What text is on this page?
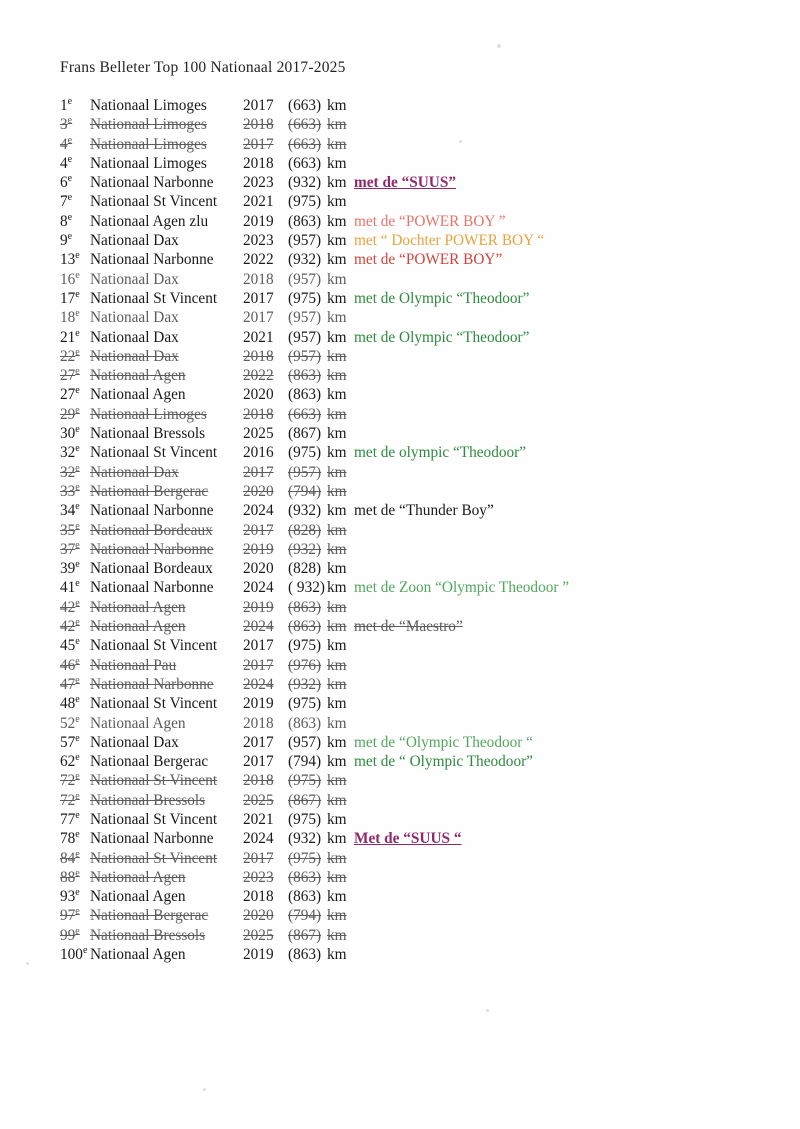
Frans Belleter Top 100 Nationaal 2017-2025
1e	Nationaal Limoges 2017 (663) km
3e	Nationaal Limoges 2018 (663) km
4e	Nationaal Limoges 2017 (663) km
4e	Nationaal Limoges 2018 (663) km
6e	Nationaal Narbonne 2023 (932) km met de “SUUS”
7e	Nationaal St Vincent 2021 (975) km
8e	Nationaal Agen zlu 2019 (863) km met de “POWER BOY ”
9e	Nationaal Dax	2023 (957) km met “ Dochter POWER BOY “
13e Nationaal Narbonne 2022 (932) km met de “POWER BOY”
16e Nationaal Dax	2018 (957) km
17e Nationaal St Vincent 2017 (975) km met de Olympic “Theodoor”
18e Nationaal Dax	2017 (957) km
21e Nationaal Dax	2021 (957) km met de Olympic “Theodoor”
22e Nationaal Dax	2018 (957) km
27e Nationaal Agen	2022 (863) km
27e Nationaal Agen	2020 (863) km
29e Nationaal Limoges 2018 (663) km
30e Nationaal Bressols 2025 (867) km
32e Nationaal St Vincent 2016 (975) km met de olympic “Theodoor”
32e Nationaal Dax	2017 (957) km
33e Nationaal Bergerac 2020 (794) km
34e Nationaal Narbonne 2024 (932) km met de “Thunder Boy”
35e Nationaal Bordeaux 2017 (828) km
37e Nationaal Narbonne 2019 (932) km
39e Nationaal Bordeaux 2020 (828) km
41e Nationaal Narbonne 2024 ( 932) km met de Zoon “Olympic Theodoor ”
42e Nationaal Agen	2019 (863) km
42e Nationaal Agen	2024 (863) km met de “Maestro”
45e Nationaal St Vincent 2017 (975) km
46e Nationaal Pau	2017 (976) km
47e Nationaal Narbonne 2024 (932) km
48e Nationaal St Vincent 2019 (975) km
52e Nationaal Agen	2018 (863) km
57e Nationaal Dax	2017 (957) km met de “Olympic Theodoor “
62e Nationaal Bergerac 2017 (794) km met de “ Olympic Theodoor”
72e Nationaal St Vincent 2018 (975) km
72e Nationaal Bressols 2025 (867) km
77e Nationaal St Vincent 2021 (975) km
78e Nationaal Narbonne 2024 (932) km Met de “SUUS “
84e Nationaal St Vincent 2017 (975) km
88e Nationaal Agen	2023 (863) km
93e Nationaal Agen	2018 (863) km
97e Nationaal Bergerac 2020 (794) km
99e Nationaal Bressols 2025 (867) km
100e Nationaal Agen	2019 (863) km
